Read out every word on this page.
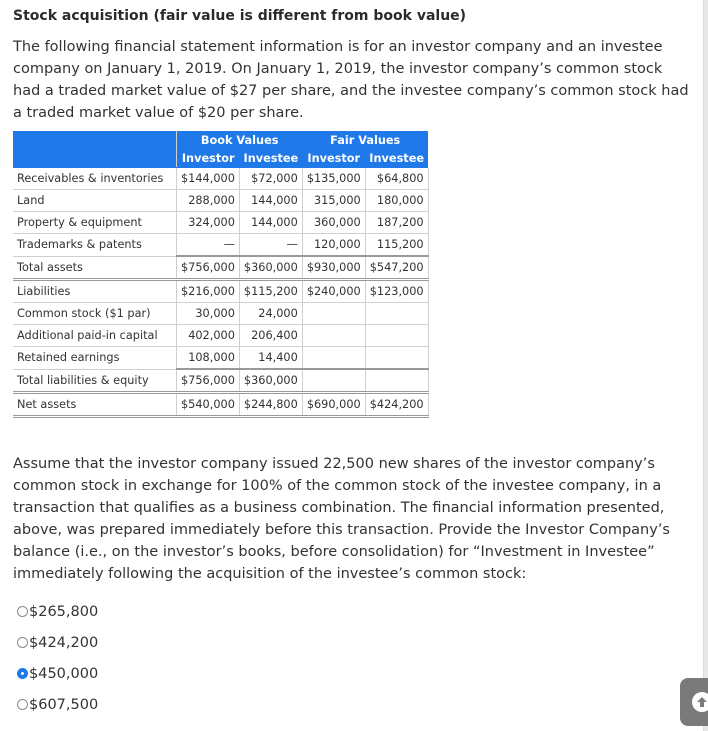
Stock acquisition (fair value is different from book value)
The following financial statement information is for an investor company and an investee company on January 1, 2019. On January 1, 2019, the investor company’s common stock had a traded market value of $27 per share, and the investee company’s common stock had a traded market value of $20 per share.
	Book Values		Fair Values	
	Investor	Investee	Investor	Investee
Receivables & inventories	$144,000	$72,000	$135,000	$64,800
Land	288,000	144,000	315,000	180,000
Property & equipment	324,000	144,000	360,000	187,200
Trademarks & patents	—	—	120,000	115,200
Total assets	$756,000	$360,000	$930,000	$547,200
Liabilities	$216,000	$115,200	$240,000	$123,000
Common stock ($1 par)	30,000	24,000		
Additional paid-in capital	402,000	206,400		
Retained earnings	108,000	14,400		
Total liabilities & equity	$756,000	$360,000		
Net assets	$540,000	$244,800	$690,000	$424,200
Assume that the investor company issued 22,500 new shares of the investor company’s common stock in exchange for 100% of the common stock of the investee company, in a transaction that qualifies as a business combination. The financial information presented, above, was prepared immediately before this transaction. Provide the Investor Company’s balance (i.e., on the investor’s books, before consolidation) for “Investment in Investee” immediately following the acquisition of the investee’s common stock:
$265,800
$424,200
$450,000
$607,500
